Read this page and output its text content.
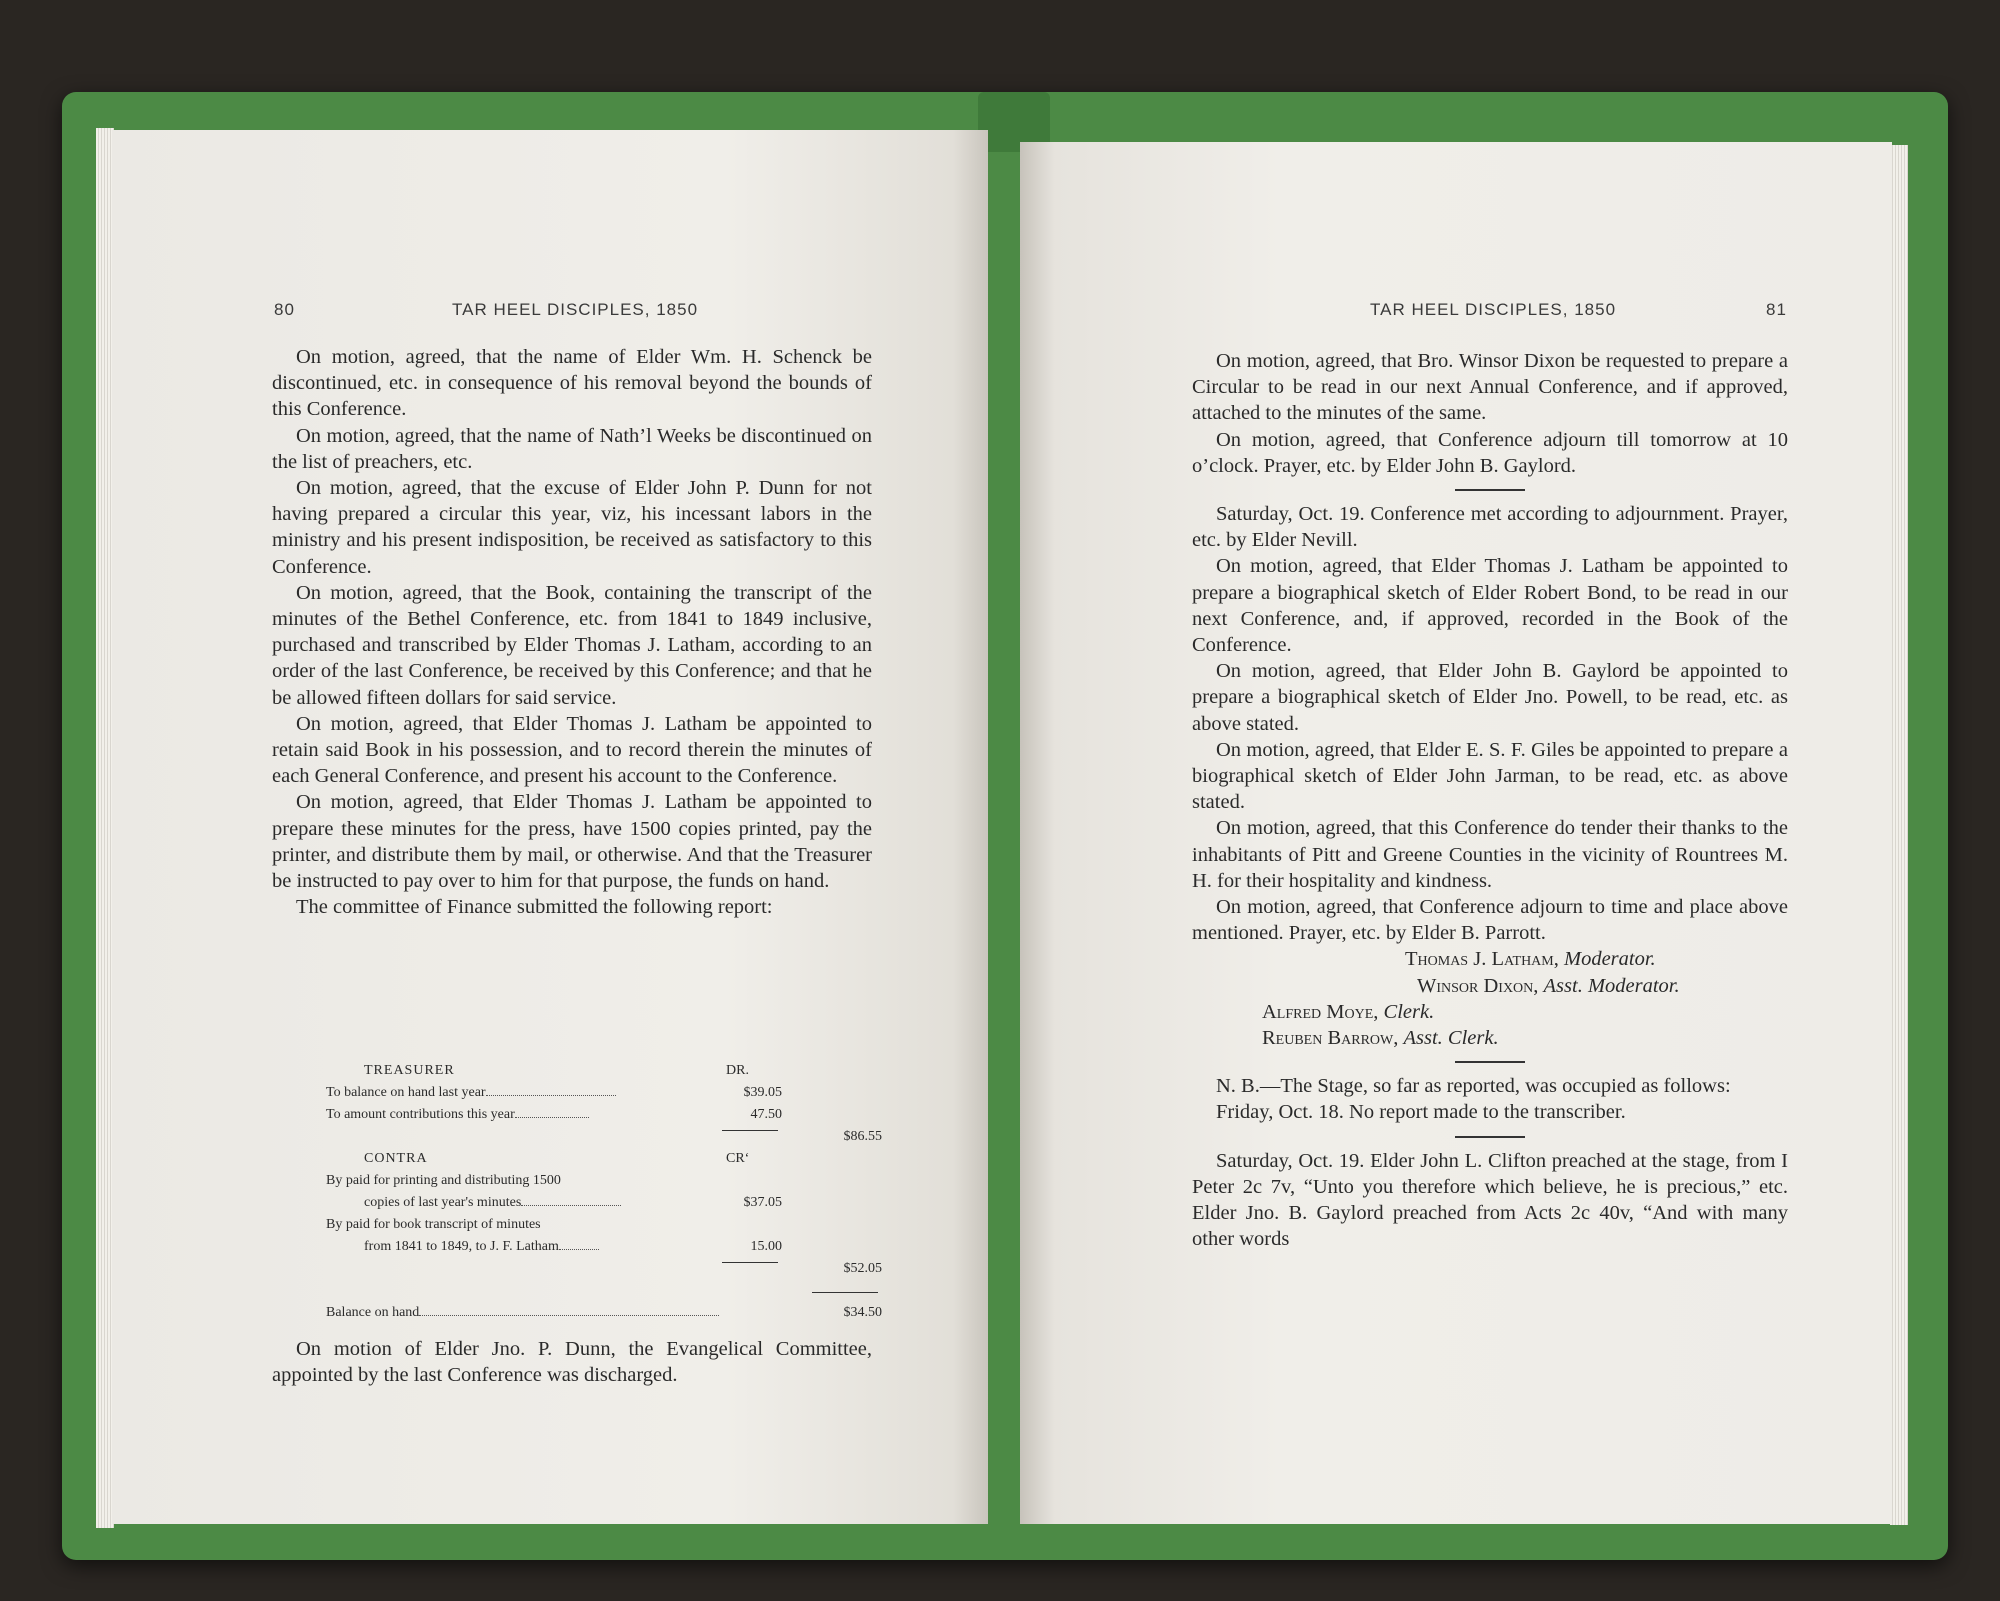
80	TAR HEEL DISCIPLES, 1850

On motion, agreed, that the name of Elder Wm. H. Schenck be discontinued, etc. in consequence of his removal beyond the bounds of this Conference.

On motion, agreed, that the name of Nath’l Weeks be discontinued on the list of preachers, etc.

On motion, agreed, that the excuse of Elder John P. Dunn for not having prepared a circular this year, viz, his incessant labors in the ministry and his present indisposition, be received as satisfactory to this Conference.

On motion, agreed, that the Book, containing the transcript of the minutes of the Bethel Conference, etc. from 1841 to 1849 inclusive, purchased and transcribed by Elder Thomas J. Latham, according to an order of the last Conference, be received by this Conference; and that he be allowed fifteen dollars for said service.

On motion, agreed, that Elder Thomas J. Latham be appointed to retain said Book in his possession, and to record therein the minutes of each General Conference, and present his account to the Conference.

On motion, agreed, that Elder Thomas J. Latham be appointed to prepare these minutes for the press, have 1500 copies printed, pay the printer, and distribute them by mail, or otherwise. And that the Treasurer be instructed to pay over to him for that purpose, the funds on hand.

The committee of Finance submitted the following report:

TREASURER	DR.
To balance on hand last year	$39.05
To amount contributions this year	47.50
$86.55
CONTRA	CR‘
By paid for printing and distributing 1500
copies of last year's minutes	$37.05
By paid for book transcript of minutes
from 1841 to 1849, to J. F. Latham	15.00
$52.05
Balance on hand	$34.50

On motion of Elder Jno. P. Dunn, the Evangelical Committee, appointed by the last Conference was discharged.

TAR HEEL DISCIPLES, 1850	81

On motion, agreed, that Bro. Winsor Dixon be requested to prepare a Circular to be read in our next Annual Conference, and if approved, attached to the minutes of the same.

On motion, agreed, that Conference adjourn till tomorrow at 10 o’clock. Prayer, etc. by Elder John B. Gaylord.

Saturday, Oct. 19. Conference met according to adjournment. Prayer, etc. by Elder Nevill.

On motion, agreed, that Elder Thomas J. Latham be appointed to prepare a biographical sketch of Elder Robert Bond, to be read in our next Conference, and, if approved, recorded in the Book of the Conference.

On motion, agreed, that Elder John B. Gaylord be appointed to prepare a biographical sketch of Elder Jno. Powell, to be read, etc. as above stated.

On motion, agreed, that Elder E. S. F. Giles be appointed to prepare a biographical sketch of Elder John Jarman, to be read, etc. as above stated.

On motion, agreed, that this Conference do tender their thanks to the inhabitants of Pitt and Greene Counties in the vicinity of Rountrees M. H. for their hospitality and kindness.

On motion, agreed, that Conference adjourn to time and place above mentioned. Prayer, etc. by Elder B. Parrott.

Thomas J. Latham, Moderator.

Winsor Dixon, Asst. Moderator.

Alfred Moye, Clerk.

Reuben Barrow, Asst. Clerk.

N. B.—The Stage, so far as reported, was occupied as follows:

Friday, Oct. 18. No report made to the transcriber.

Saturday, Oct. 19. Elder John L. Clifton preached at the stage, from I Peter 2c 7v, “Unto you therefore which believe, he is precious,” etc. Elder Jno. B. Gaylord preached from Acts 2c 40v, “And with many other words
